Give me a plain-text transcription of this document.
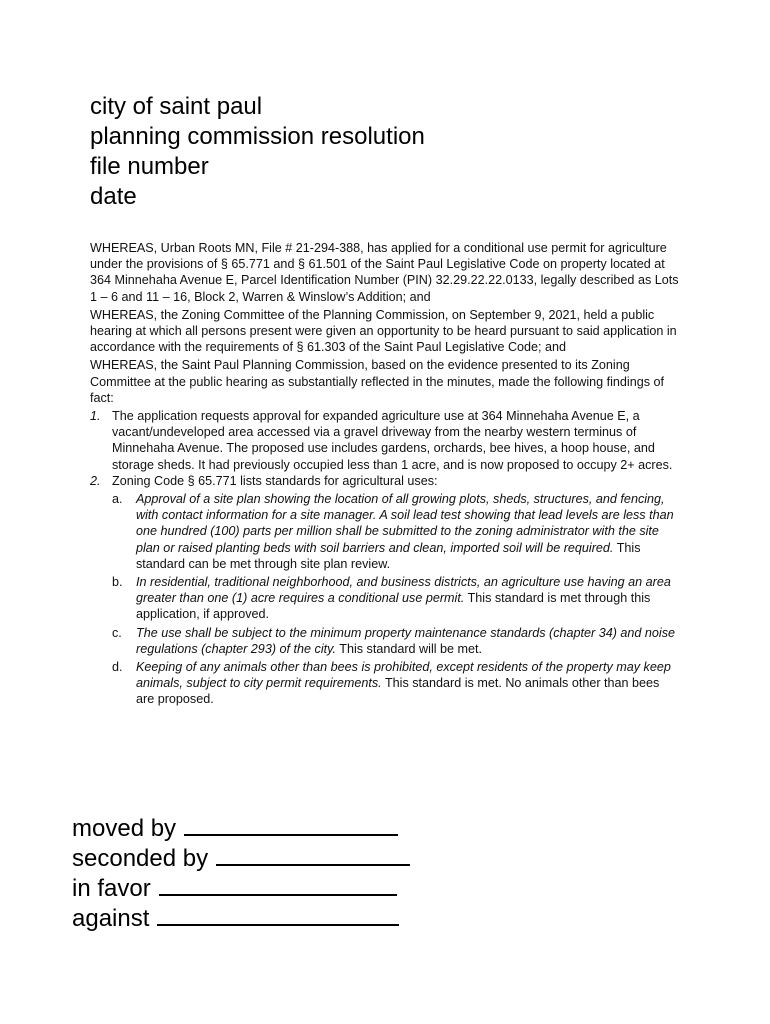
city of saint paul
planning commission resolution
file number
date

WHEREAS, Urban Roots MN, File # 21-294-388, has applied for a conditional use permit for agriculture under the provisions of § 65.771 and § 61.501 of the Saint Paul Legislative Code on property located at 364 Minnehaha Avenue E, Parcel Identification Number (PIN) 32.29.22.22.0133, legally described as Lots 1 – 6 and 11 – 16, Block 2, Warren & Winslow’s Addition; and

WHEREAS, the Zoning Committee of the Planning Commission, on September 9, 2021, held a public hearing at which all persons present were given an opportunity to be heard pursuant to said application in accordance with the requirements of § 61.303 of the Saint Paul Legislative Code; and

WHEREAS, the Saint Paul Planning Commission, based on the evidence presented to its Zoning Committee at the public hearing as substantially reflected in the minutes, made the following findings of fact:

1. The application requests approval for expanded agriculture use at 364 Minnehaha Avenue E, a vacant/undeveloped area accessed via a gravel driveway from the nearby western terminus of Minnehaha Avenue. The proposed use includes gardens, orchards, bee hives, a hoop house, and storage sheds. It had previously occupied less than 1 acre, and is now proposed to occupy 2+ acres.
2. Zoning Code § 65.771 lists standards for agricultural uses:
a. Approval of a site plan showing the location of all growing plots, sheds, structures, and fencing, with contact information for a site manager. A soil lead test showing that lead levels are less than one hundred (100) parts per million shall be submitted to the zoning administrator with the site plan or raised planting beds with soil barriers and clean, imported soil will be required. This standard can be met through site plan review.
b. In residential, traditional neighborhood, and business districts, an agriculture use having an area greater than one (1) acre requires a conditional use permit. This standard is met through this application, if approved.
c. The use shall be subject to the minimum property maintenance standards (chapter 34) and noise regulations (chapter 293) of the city. This standard will be met.
d. Keeping of any animals other than bees is prohibited, except residents of the property may keep animals, subject to city permit requirements. This standard is met. No animals other than bees are proposed.
moved by
seconded by
in favor
against
